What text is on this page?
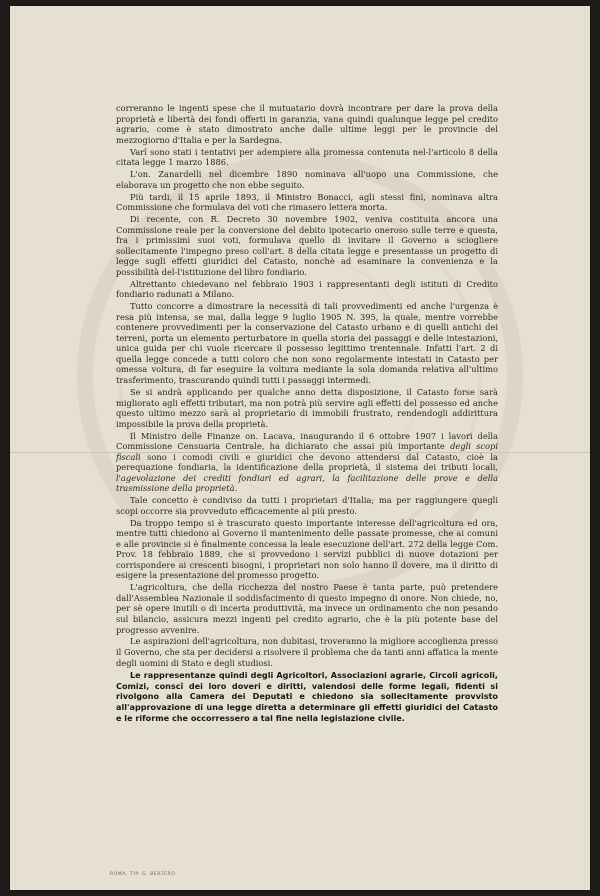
correranno le ingenti spese che il mutuatario dovrà incontrare per dare la prova della proprietà e libertà dei fondi offerti in garanzia, vana quindi qualunque legge pel credito agrario, come è stato dimostrato anche dalle ultime leggi per le provincie del mezzogiorno d'Italia e per la Sardegna.

Varî sono stati i tentativi per adempiere alla promessa contenuta nel-l'articolo 8 della citata legge 1 marzo 1886.

L'on. Zanardelli nel dicembre 1890 nominava all'uopo una Commissione, che elaborava un progetto che non ebbe seguito.

Più tardi, il 15 aprile 1893, il Ministro Bonacci, agli stessi fini, nominava altra Commissione che formulava dei voti che rimasero lettera morta.

Di recente, con R. Decreto 30 novembre 1902, veniva costituita ancora una Commissione reale per la conversione del debito ipotecario oneroso sulle terre e questa, fra i primissimi suoi voti, formulava quello di invitare il Governo a sciogliere sollecitamente l'impegno preso coll'art. 8 della citata legge e presentasse un progetto di legge sugli effetti giuridici del Catasto, nonchè ad esaminare la convenienza e la possibilità del-l'istituzione del libro fondiario.

Altrettanto chiedevano nel febbraio 1903 i rappresentanti degli istituti di Credito fondiario radunati a Milano.

Tutto concorre a dimostrare la necessità di tali provvedimenti ed anche l'urgenza è resa più intensa, se mai, dalla legge 9 luglio 1905 N. 395, la quale, mentre vorrebbe contenere provvedimenti per la conservazione del Catasto urbano e di quelli antichi dei terreni, porta un elemento perturbatore in quella storia dei passaggi e delle intestazioni, unica guida per chi vuole ricercare il possesso legittimo trentennale. Infatti l'art. 2 di quella legge concede a tutti coloro che non sono regolarmente intestati in Catasto per omessa voltura, di far eseguire la voltura mediante la sola domanda relativa all'ultimo trasferimento, trascurando quindi tutti i passaggi intermedi.

Se si andrà applicando per qualche anno detta disposizione, il Catasto forse sarà migliorato agli effetti tributari, ma non potrà più servire agli effetti del possesso ed anche questo ultimo mezzo sarà al proprietario di immobili frustrato, rendendogli addirittura impossibile la prova della proprietà.

Il Ministro delle Finanze on. Lacava, inaugurando il 6 ottobre 1907 i lavori della Commissione Censuaria Centrale, ha dichiarato che assai più importante degli scopi fiscali sono i comodi civili e giuridici che devono attendersi dal Catasto, cioè la perequazione fondiaria, la identificazione della proprietà, il sistema dei tributi locali, l'agevolazione dei crediti fondiari ed agrari, la facilitazione delle prove e della trasmissione della proprietà.

Tale concetto è condiviso da tutti i proprietari d'Italia; ma per raggiungere quegli scopi occorre sia provveduto efficacemente al più presto.

Da troppo tempo si è trascurato questo importante interesse dell'agricoltura ed ora, mentre tutti chiedono al Governo il mantenimento delle passate promesse, che ai comuni e alle provincie si è finalmente concessa la leale esecuzione dell'art. 272 della legge Com. Prov. 18 febbraio 1889, che si provvedono i servizi pubblici di nuove dotazioni per corrispondere ai crescenti bisogni, i proprietari non solo hanno il dovere, ma il diritto di esigere la presentazione del promesso progetto.

L'agricoltura, che della ricchezza del nostro Paese è tanta parte, può pretendere dall'Assemblea Nazionale il soddisfacimento di questo impegno di onore. Non chiede, no, per sè opere inutili o di incerta produttività, ma invece un ordinamento che non pesando sul bilancio, assicura mezzi ingenti pel credito agrario, che è la più potente base del progresso avvenire.

Le aspirazioni dell'agricoltura, non dubitasi, troveranno la migliore accoglienza presso il Governo, che sta per decidersi a risolvere il problema che da tanti anni affatica la mente degli uomini di Stato e degli studiosi.

Le rappresentanze quindi degli Agricoltori, Associazioni agrarie, Circoli agricoli, Comizi, conscî dei loro doveri e diritti, valendosi delle forme legali, fidenti si rivolgono alla Camera dei Deputati e chiedono sia sollecitamente provvisto all'approvazione di una legge diretta a determinare gli effetti giuridici del Catasto e le riforme che occorressero a tal fine nella legislazione civile.

ROMA, TIP. G. BERTERO
